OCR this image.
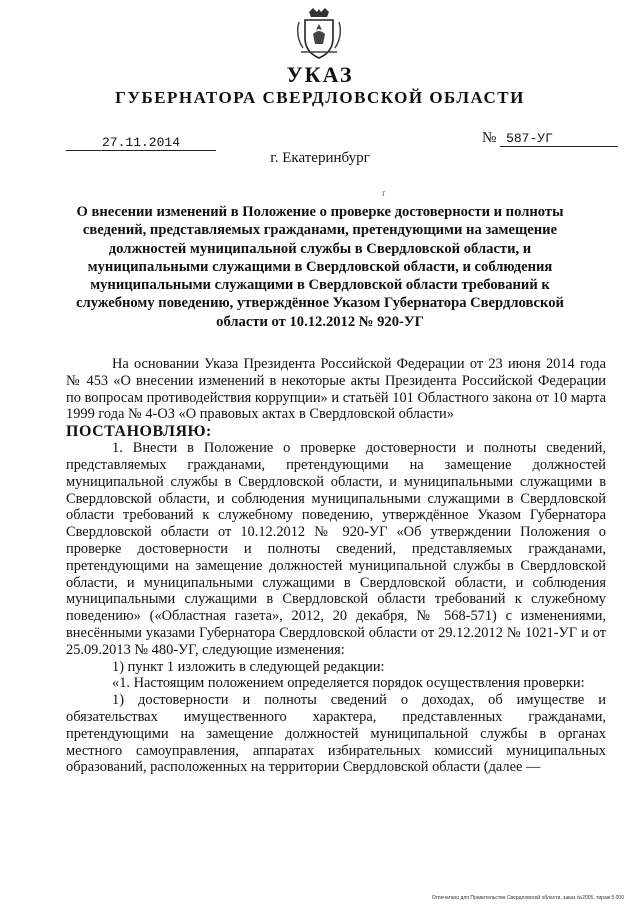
УКАЗ
ГУБЕРНАТОРА СВЕРДЛОВСКОЙ ОБЛАСТИ
27.11.2014	№ 587-УГ
г. Екатеринбург
ґ
О внесении изменений в Положение о проверке достоверности и полноты сведений, представляемых гражданами, претендующими на замещение должностей муниципальной службы в Свердловской области, и муниципальными служащими в Свердловской области, и соблюдения муниципальными служащими в Свердловской области требований к служебному поведению, утверждённое Указом Губернатора Свердловской области от 10.12.2012 № 920-УГ

На основании Указа Президента Российской Федерации от 23 июня 2014 года № 453 «О внесении изменений в некоторые акты Президента Российской Федерации по вопросам противодействия коррупции» и статьёй 101 Областного закона от 10 марта 1999 года № 4-ОЗ «О правовых актах в Свердловской области»

ПОСТАНОВЛЯЮ:

1. Внести в Положение о проверке достоверности и полноты сведений, представляемых гражданами, претендующими на замещение должностей муниципальной службы в Свердловской области, и муниципальными служащими в Свердловской области, и соблюдения муниципальными служащими в Свердловской области требований к служебному поведению, утверждённое Указом Губернатора Свердловской области от 10.12.2012 № 920-УГ «Об утверждении Положения о проверке достоверности и полноты сведений, представляемых гражданами, претендующими на замещение должностей муниципальной службы в Свердловской области, и муниципальными служащими в Свердловской области, и соблюдения муниципальными служащими в Свердловской области требований к служебному поведению» («Областная газета», 2012, 20 декабря, № 568-571) с изменениями, внесёнными указами Губернатора Свердловской области от 29.12.2012 № 1021-УГ и от 25.09.2013 № 480-УГ, следующие изменения:

1) пункт 1 изложить в следующей редакции:

«1. Настоящим положением определяется порядок осуществления проверки:

1) достоверности и полноты сведений о доходах, об имуществе и обязательствах имущественного характера, представленных гражданами, претендующими на замещение должностей муниципальной службы в органах местного самоуправления, аппаратах избирательных комиссий муниципальных образований, расположенных на территории Свердловской области (далее —

Отпечатано для Правительства Свердловской области, заказ №2005, тираж 5 000
